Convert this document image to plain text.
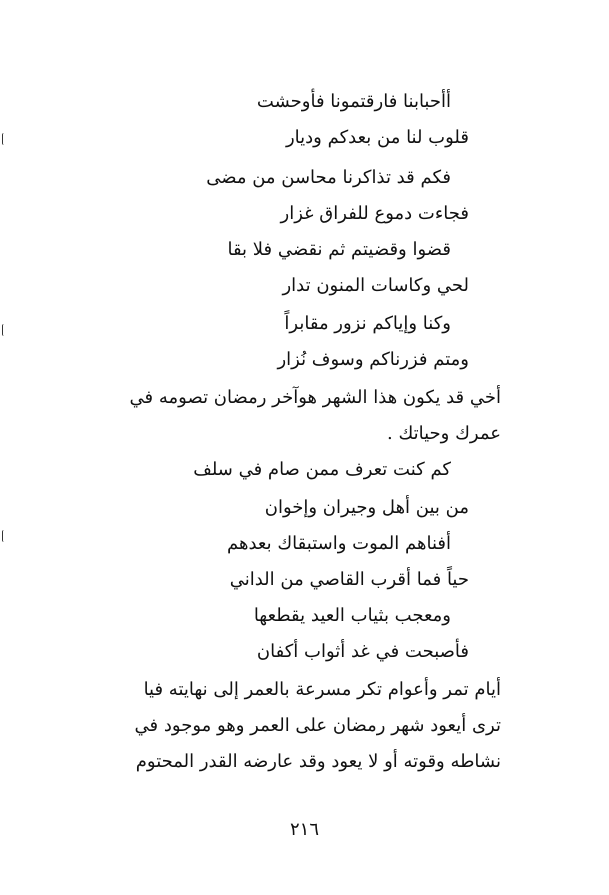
أأحبابنا فارقتمونا فأوحشت
قلوب لنا من بعدكم وديار
فكم قد تذاكرنا محاسن من مضى
فجاءت دموع للفراق غزار
قضوا وقضيتم ثم نقضي فلا بقا
لحي وكاسات المنون تدار
وكنا وإياكم نزور مقابراً
ومتم فزرناكم وسوف نُزار
أخي قد يكون هذا الشهر هوآخر رمضان تصومه في
عمرك وحياتك .
كم كنت تعرف ممن صام في سلف
من بين أهل وجيران وإخوان
أفناهم الموت واستبقاك بعدهم
حياً فما أقرب القاصي من الداني
ومعجب بثياب العيد يقطعها
فأصبحت في غد أثواب أكفان
أيام تمر وأعوام تكر مسرعة بالعمر إلى نهايته فيا
ترى أيعود شهر رمضان على العمر وهو موجود في
نشاطه وقوته أو لا يعود وقد عارضه القدر المحتوم
٢١٦
